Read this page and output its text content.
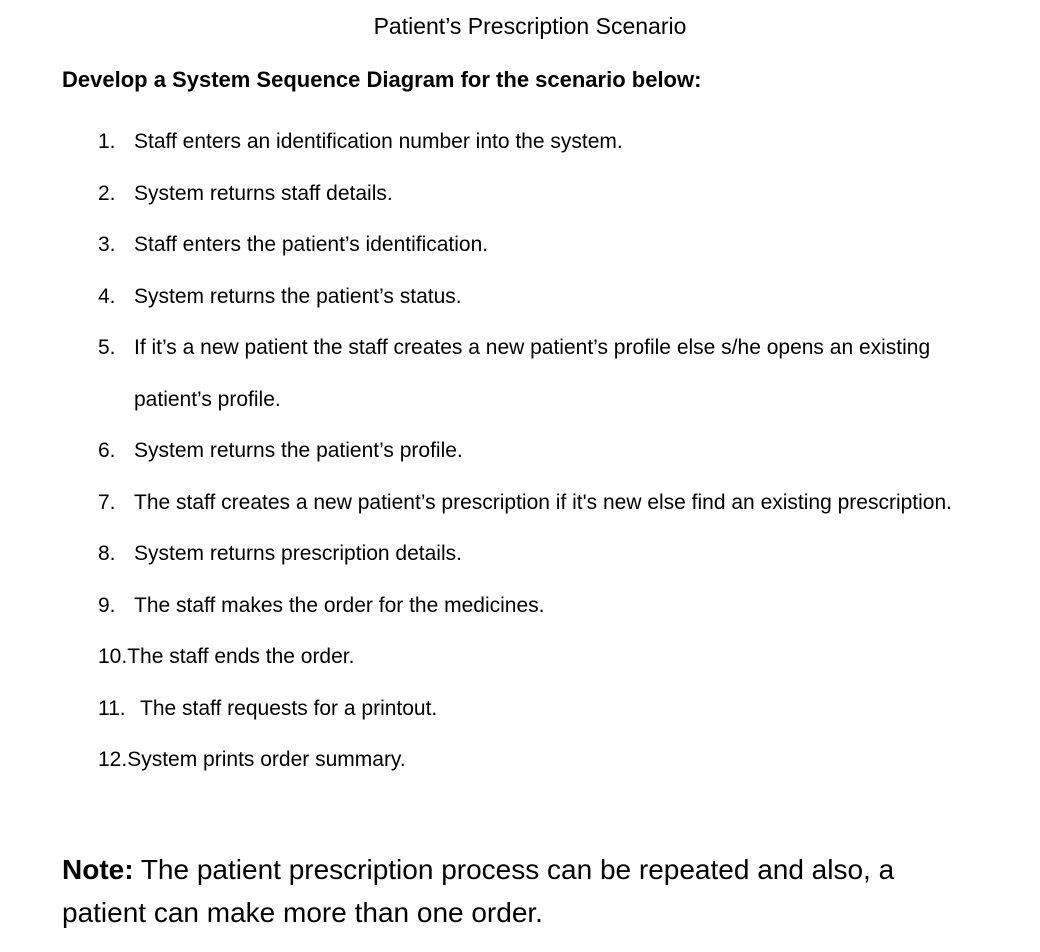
Patient’s Prescription Scenario
Develop a System Sequence Diagram for the scenario below:
1. Staff enters an identification number into the system.
2. System returns staff details.
3. Staff enters the patient’s identification.
4. System returns the patient’s status.
5. If it’s a new patient the staff creates a new patient’s profile else s/he opens an existing patient’s profile.
6. System returns the patient’s profile.
7. The staff creates a new patient’s prescription if it's new else find an existing prescription.
8. System returns prescription details.
9. The staff makes the order for the medicines.
10. The staff ends the order.
11. The staff requests for a printout.
12. System prints order summary.
Note: The patient prescription process can be repeated and also, a patient can make more than one order.
